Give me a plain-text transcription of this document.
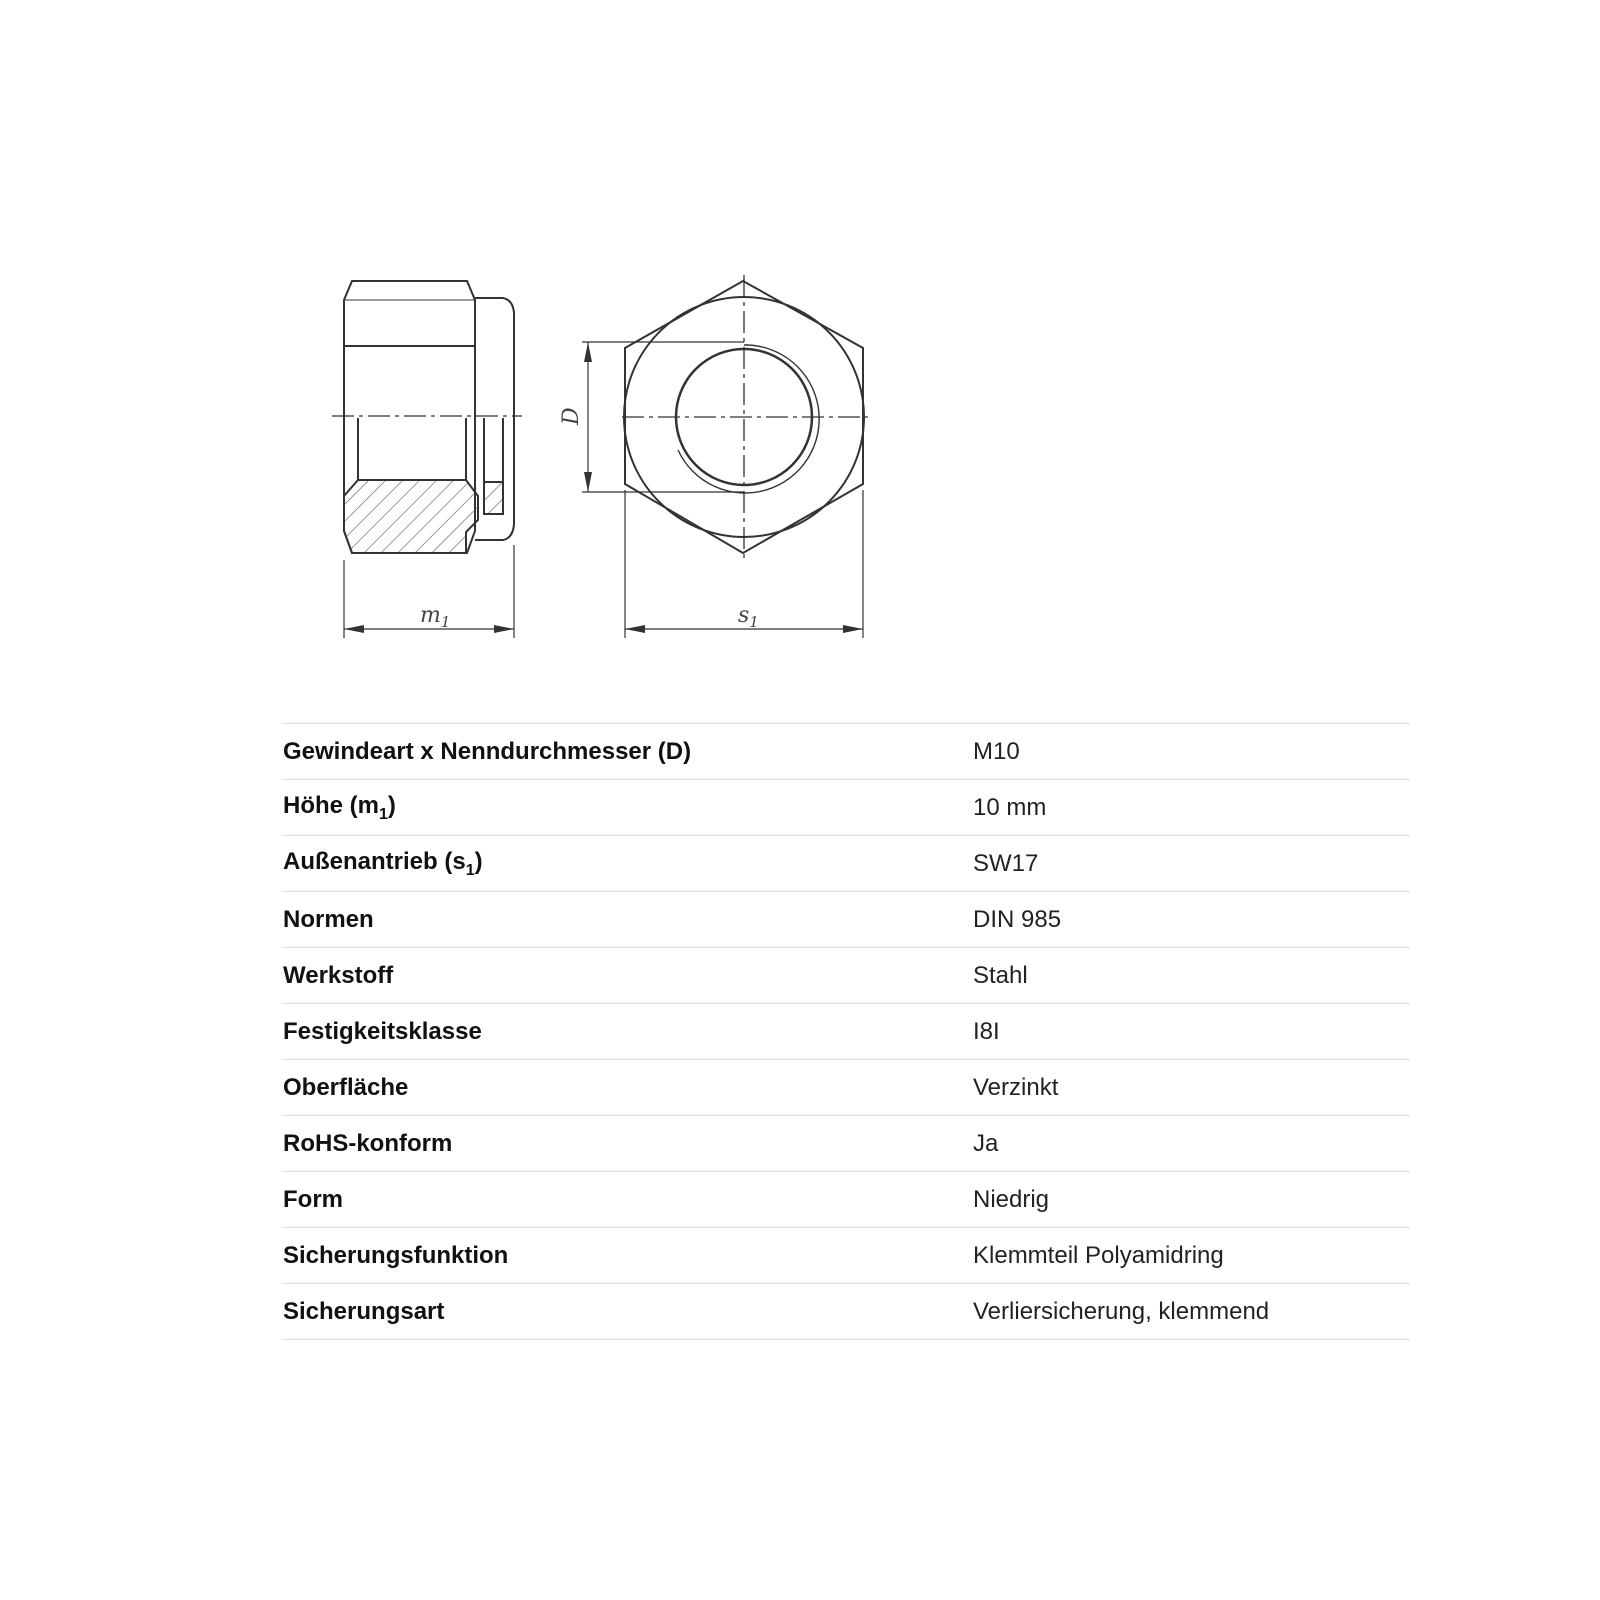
$m_1$	$s_1$
D
Gewindeart x Nenndurchmesser (D)	M10
Höhe $(m_1)$	10 mm
Außenantrieb $(s_1)$	SW17
Normen	DIN 985
Werkstoff	Stahl
Festigkeitsklasse	I8I
Oberfläche	Verzinkt
RoHS-konform	Ja
Form	Niedrig
Sicherungsfunktion	Klemmteil Polyamidring
Sicherungsart	Verliersicherung, klemmend
